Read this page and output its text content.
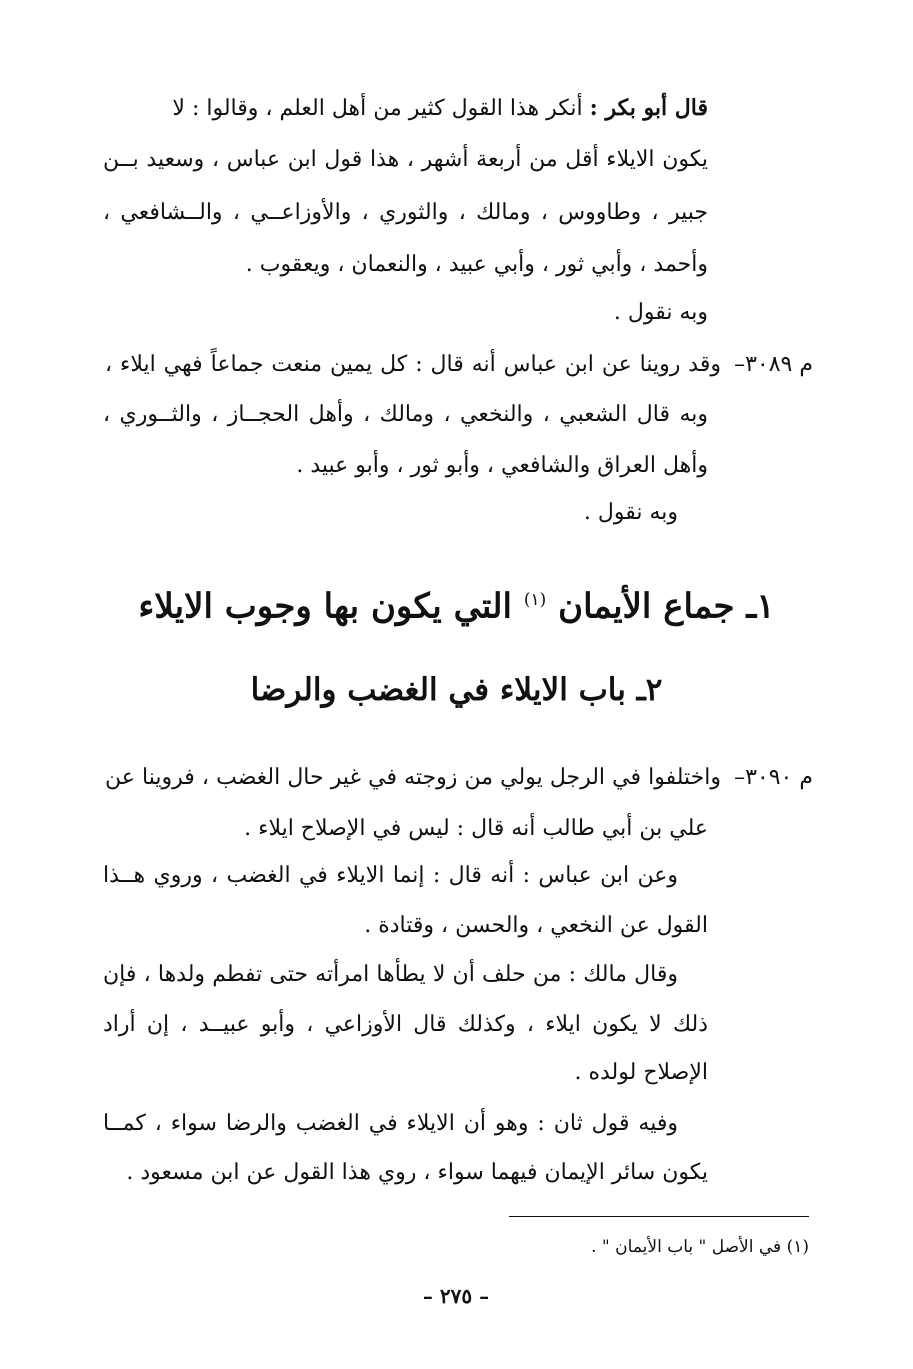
قال أبو بكر : أنكر هذا القول كثير من أهل العلم ، وقالوا : لا
يكون الايلاء أقل من أربعة أشهر ، هذا قول ابن عباس ، وسعيد بــن
جبير ، وطاووس ، ومالك ، والثوري ، والأوزاعــي ، والــشافعي ،
وأحمد ، وأبي ثور ، وأبي عبيد ، والنعمان ، ويعقوب .
وبه نقول .
م ٣٠٨٩–
وقد روينا عن ابن عباس أنه قال : كل يمين منعت جماعاً فهي ايلاء ،
وبه قال الشعبي ، والنخعي ، ومالك ، وأهل الحجــاز ، والثــوري ،
وأهل العراق والشافعي ، وأبو ثور ، وأبو عبيد .
وبه نقول .
١ـ جماع الأيمان $^{(١)}$ التي يكون بها وجوب الايلاء
٢ـ باب الايلاء في الغضب والرضا
م ٣٠٩٠–
واختلفوا في الرجل يولي من زوجته في غير حال الغضب ، فروينا عن
علي بن أبي طالب أنه قال : ليس في الإصلاح ايلاء .
وعن ابن عباس : أنه قال : إنما الايلاء في الغضب ، وروي هــذا
القول عن النخعي ، والحسن ، وقتادة .
وقال مالك : من حلف أن لا يطأها امرأته حتى تفطم ولدها ، فإن
ذلك لا يكون ايلاء ، وكذلك قال الأوزاعي ، وأبو عبيــد ، إن أراد
الإصلاح لولده .
وفيه قول ثان : وهو أن الايلاء في الغضب والرضا سواء ، كمــا
يكون سائر الإيمان فيهما سواء ، روي هذا القول عن ابن مسعود .
(١) في الأصل " باب الأيمان " .
– ٢٧٥ –
